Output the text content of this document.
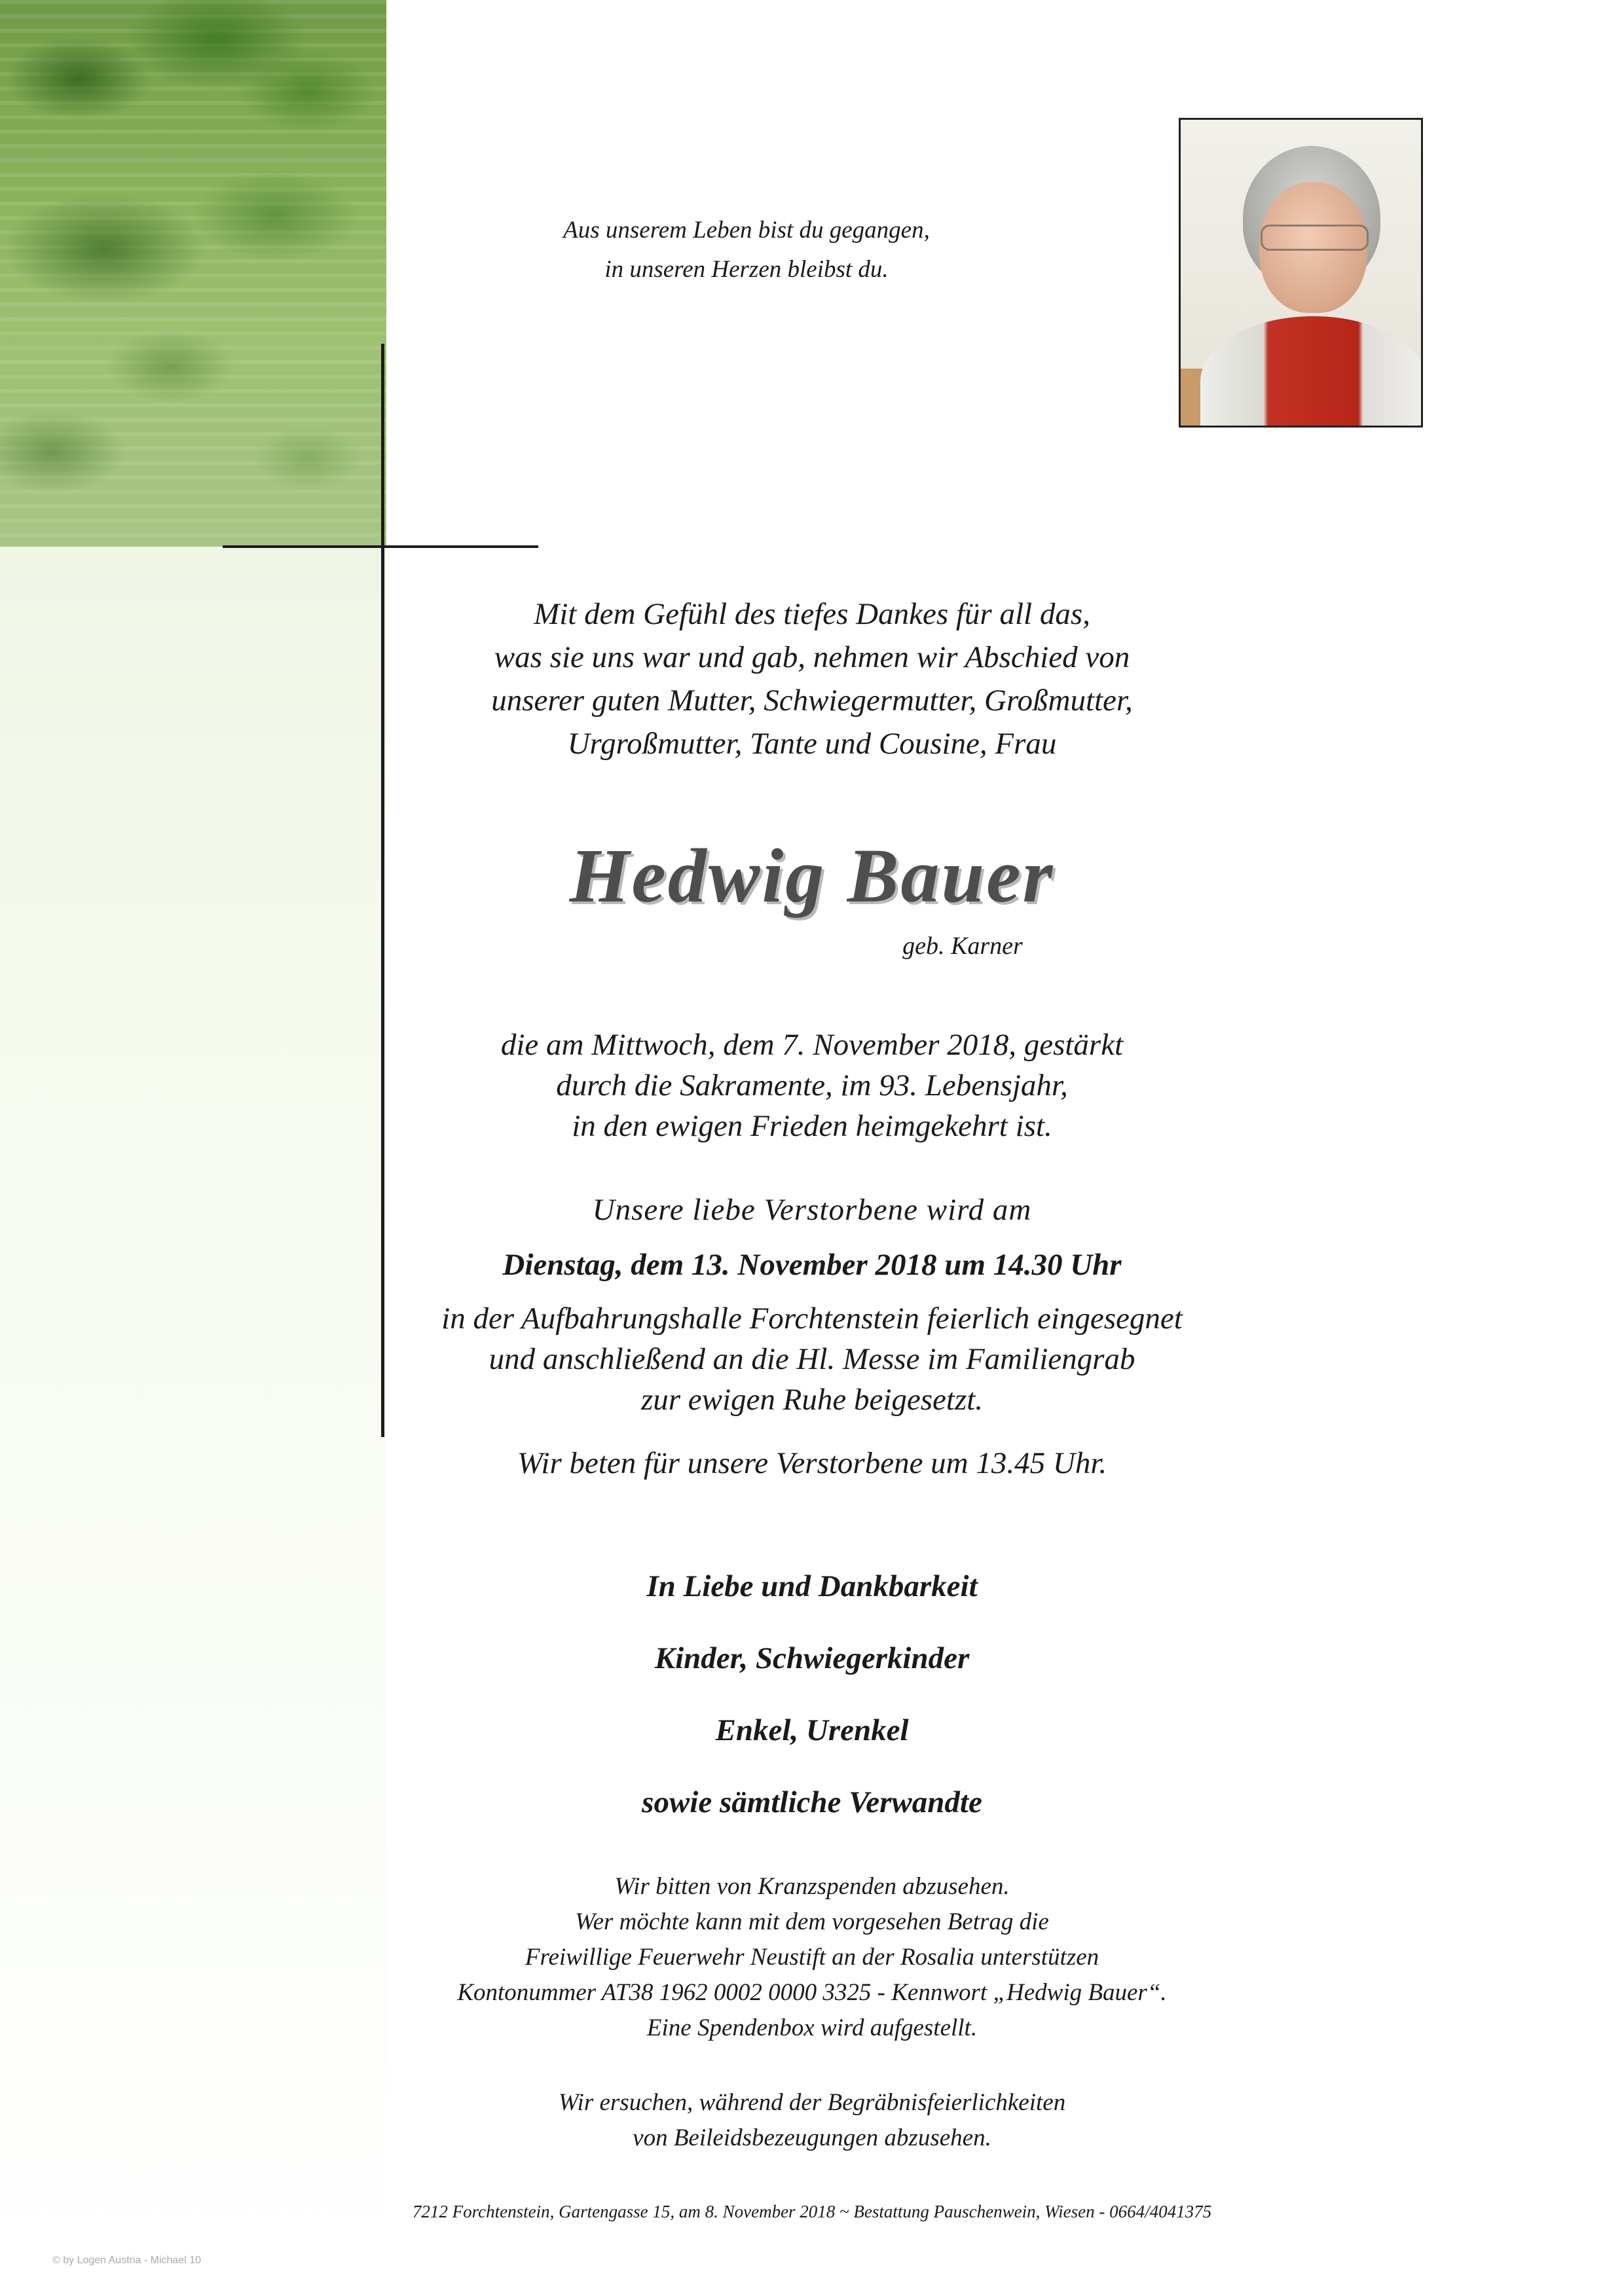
Aus unserem Leben bist du gegangen,
in unseren Herzen bleibst du.
Mit dem Gefühl des tiefes Dankes für all das,
was sie uns war und gab, nehmen wir Abschied von
unserer guten Mutter, Schwiegermutter, Großmutter,
Urgroßmutter, Tante und Cousine, Frau
Hedwig Bauer
geb. Karner
die am Mittwoch, dem 7. November 2018, gestärkt
durch die Sakramente, im 93. Lebensjahr,
in den ewigen Frieden heimgekehrt ist.
Unsere liebe Verstorbene wird am
Dienstag, dem 13. November 2018 um 14.30 Uhr
in der Aufbahrungshalle Forchtenstein feierlich eingesegnet
und anschließend an die Hl. Messe im Familiengrab
zur ewigen Ruhe beigesetzt.
Wir beten für unsere Verstorbene um 13.45 Uhr.
In Liebe und Dankbarkeit
Kinder, Schwiegerkinder
Enkel, Urenkel
sowie sämtliche Verwandte
Wir bitten von Kranzspenden abzusehen.
Wer möchte kann mit dem vorgesehen Betrag die
Freiwillige Feuerwehr Neustift an der Rosalia unterstützen
Kontonummer AT38 1962 0002 0000 3325 - Kennwort „Hedwig Bauer“.
Eine Spendenbox wird aufgestellt.
Wir ersuchen, während der Begräbnisfeierlichkeiten
von Beileidsbezeugungen abzusehen.
7212 Forchtenstein, Gartengasse 15, am 8. November 2018 ~ Bestattung Pauschenwein, Wiesen - 0664/4041375
© by Logen Austria - Michael 10
